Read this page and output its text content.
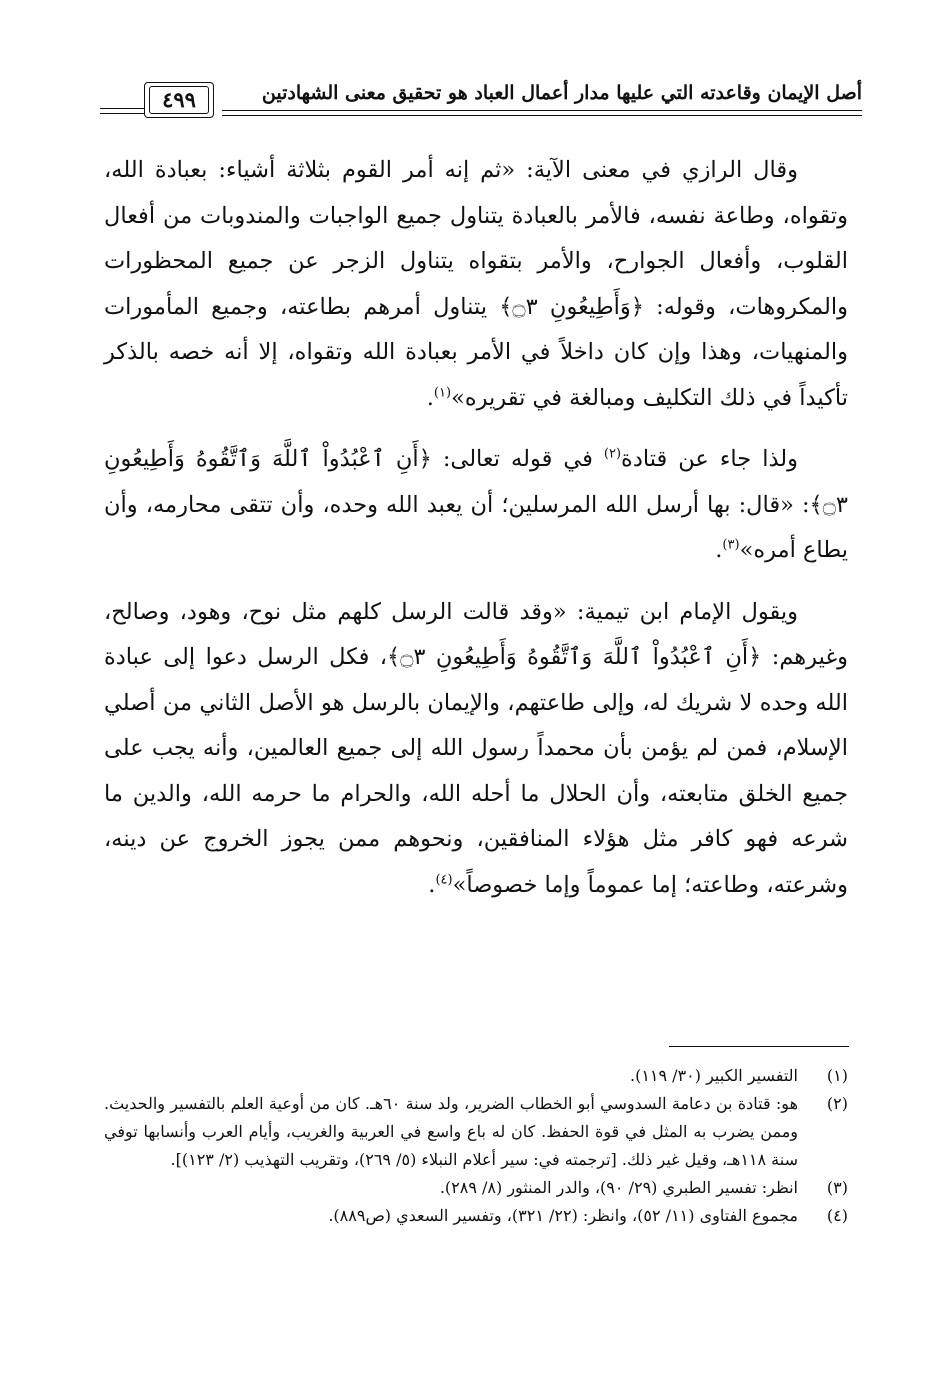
أصل الإيمان وقاعدته التي عليها مدار أعمال العباد هو تحقيق معنى الشهادتين
٤٩٩

وقال الرازي في معنى الآية: «ثم إنه أمر القوم بثلاثة أشياء: بعبادة الله، وتقواه، وطاعة نفسه، فالأمر بالعبادة يتناول جميع الواجبات والمندوبات من أفعال القلوب، وأفعال الجوارح، والأمر بتقواه يتناول الزجر عن جميع المحظورات والمكروهات، وقوله: ﴿وَأَطِيعُونِ ۝٣﴾ يتناول أمرهم بطاعته، وجميع المأمورات والمنهيات، وهذا وإن كان داخلاً في الأمر بعبادة الله وتقواه، إلا أنه خصه بالذكر تأكيداً في ذلك التكليف ومبالغة في تقريره»$^{(١)}$.

ولذا جاء عن قتادة$^{(٢)}$ في قوله تعالى: ﴿أَنِ ٱعْبُدُواْ ٱللَّهَ وَٱتَّقُوهُ وَأَطِيعُونِ ۝٣﴾: «قال: بها أرسل الله المرسلين؛ أن يعبد الله وحده، وأن تتقى محارمه، وأن يطاع أمره»$^{(٣)}$.

ويقول الإمام ابن تيمية: «وقد قالت الرسل كلهم مثل نوح، وهود، وصالح، وغيرهم: ﴿أَنِ ٱعْبُدُواْ ٱللَّهَ وَٱتَّقُوهُ وَأَطِيعُونِ ۝٣﴾، فكل الرسل دعوا إلى عبادة الله وحده لا شريك له، وإلى طاعتهم، والإيمان بالرسل هو الأصل الثاني من أصلي الإسلام، فمن لم يؤمن بأن محمداً رسول الله إلى جميع العالمين، وأنه يجب على جميع الخلق متابعته، وأن الحلال ما أحله الله، والحرام ما حرمه الله، والدين ما شرعه فهو كافر مثل هؤلاء المنافقين، ونحوهم ممن يجوز الخروج عن دينه، وشرعته، وطاعته؛ إما عموماً وإما خصوصاً»$^{(٤)}$.

(١)
التفسير الكبير (٣٠/ ١١٩).
(٢)
هو: قتادة بن دعامة السدوسي أبو الخطاب الضرير، ولد سنة ٦٠هـ. كان من أوعية العلم بالتفسير والحديث. وممن يضرب به المثل في قوة الحفظ. كان له باع واسع في العربية والغريب، وأيام العرب وأنسابها توفي سنة ١١٨هـ، وقيل غير ذلك. [ترجمته في: سير أعلام النبلاء (٥/ ٢٦٩)، وتقريب التهذيب (٢/ ١٢٣)].
(٣)
انظر: تفسير الطبري (٢٩/ ٩٠)، والدر المنثور (٨/ ٢٨٩).
(٤)
مجموع الفتاوى (١١/ ٥٢)، وانظر: (٢٢/ ٣٢١)، وتفسير السعدي (ص٨٨٩).
